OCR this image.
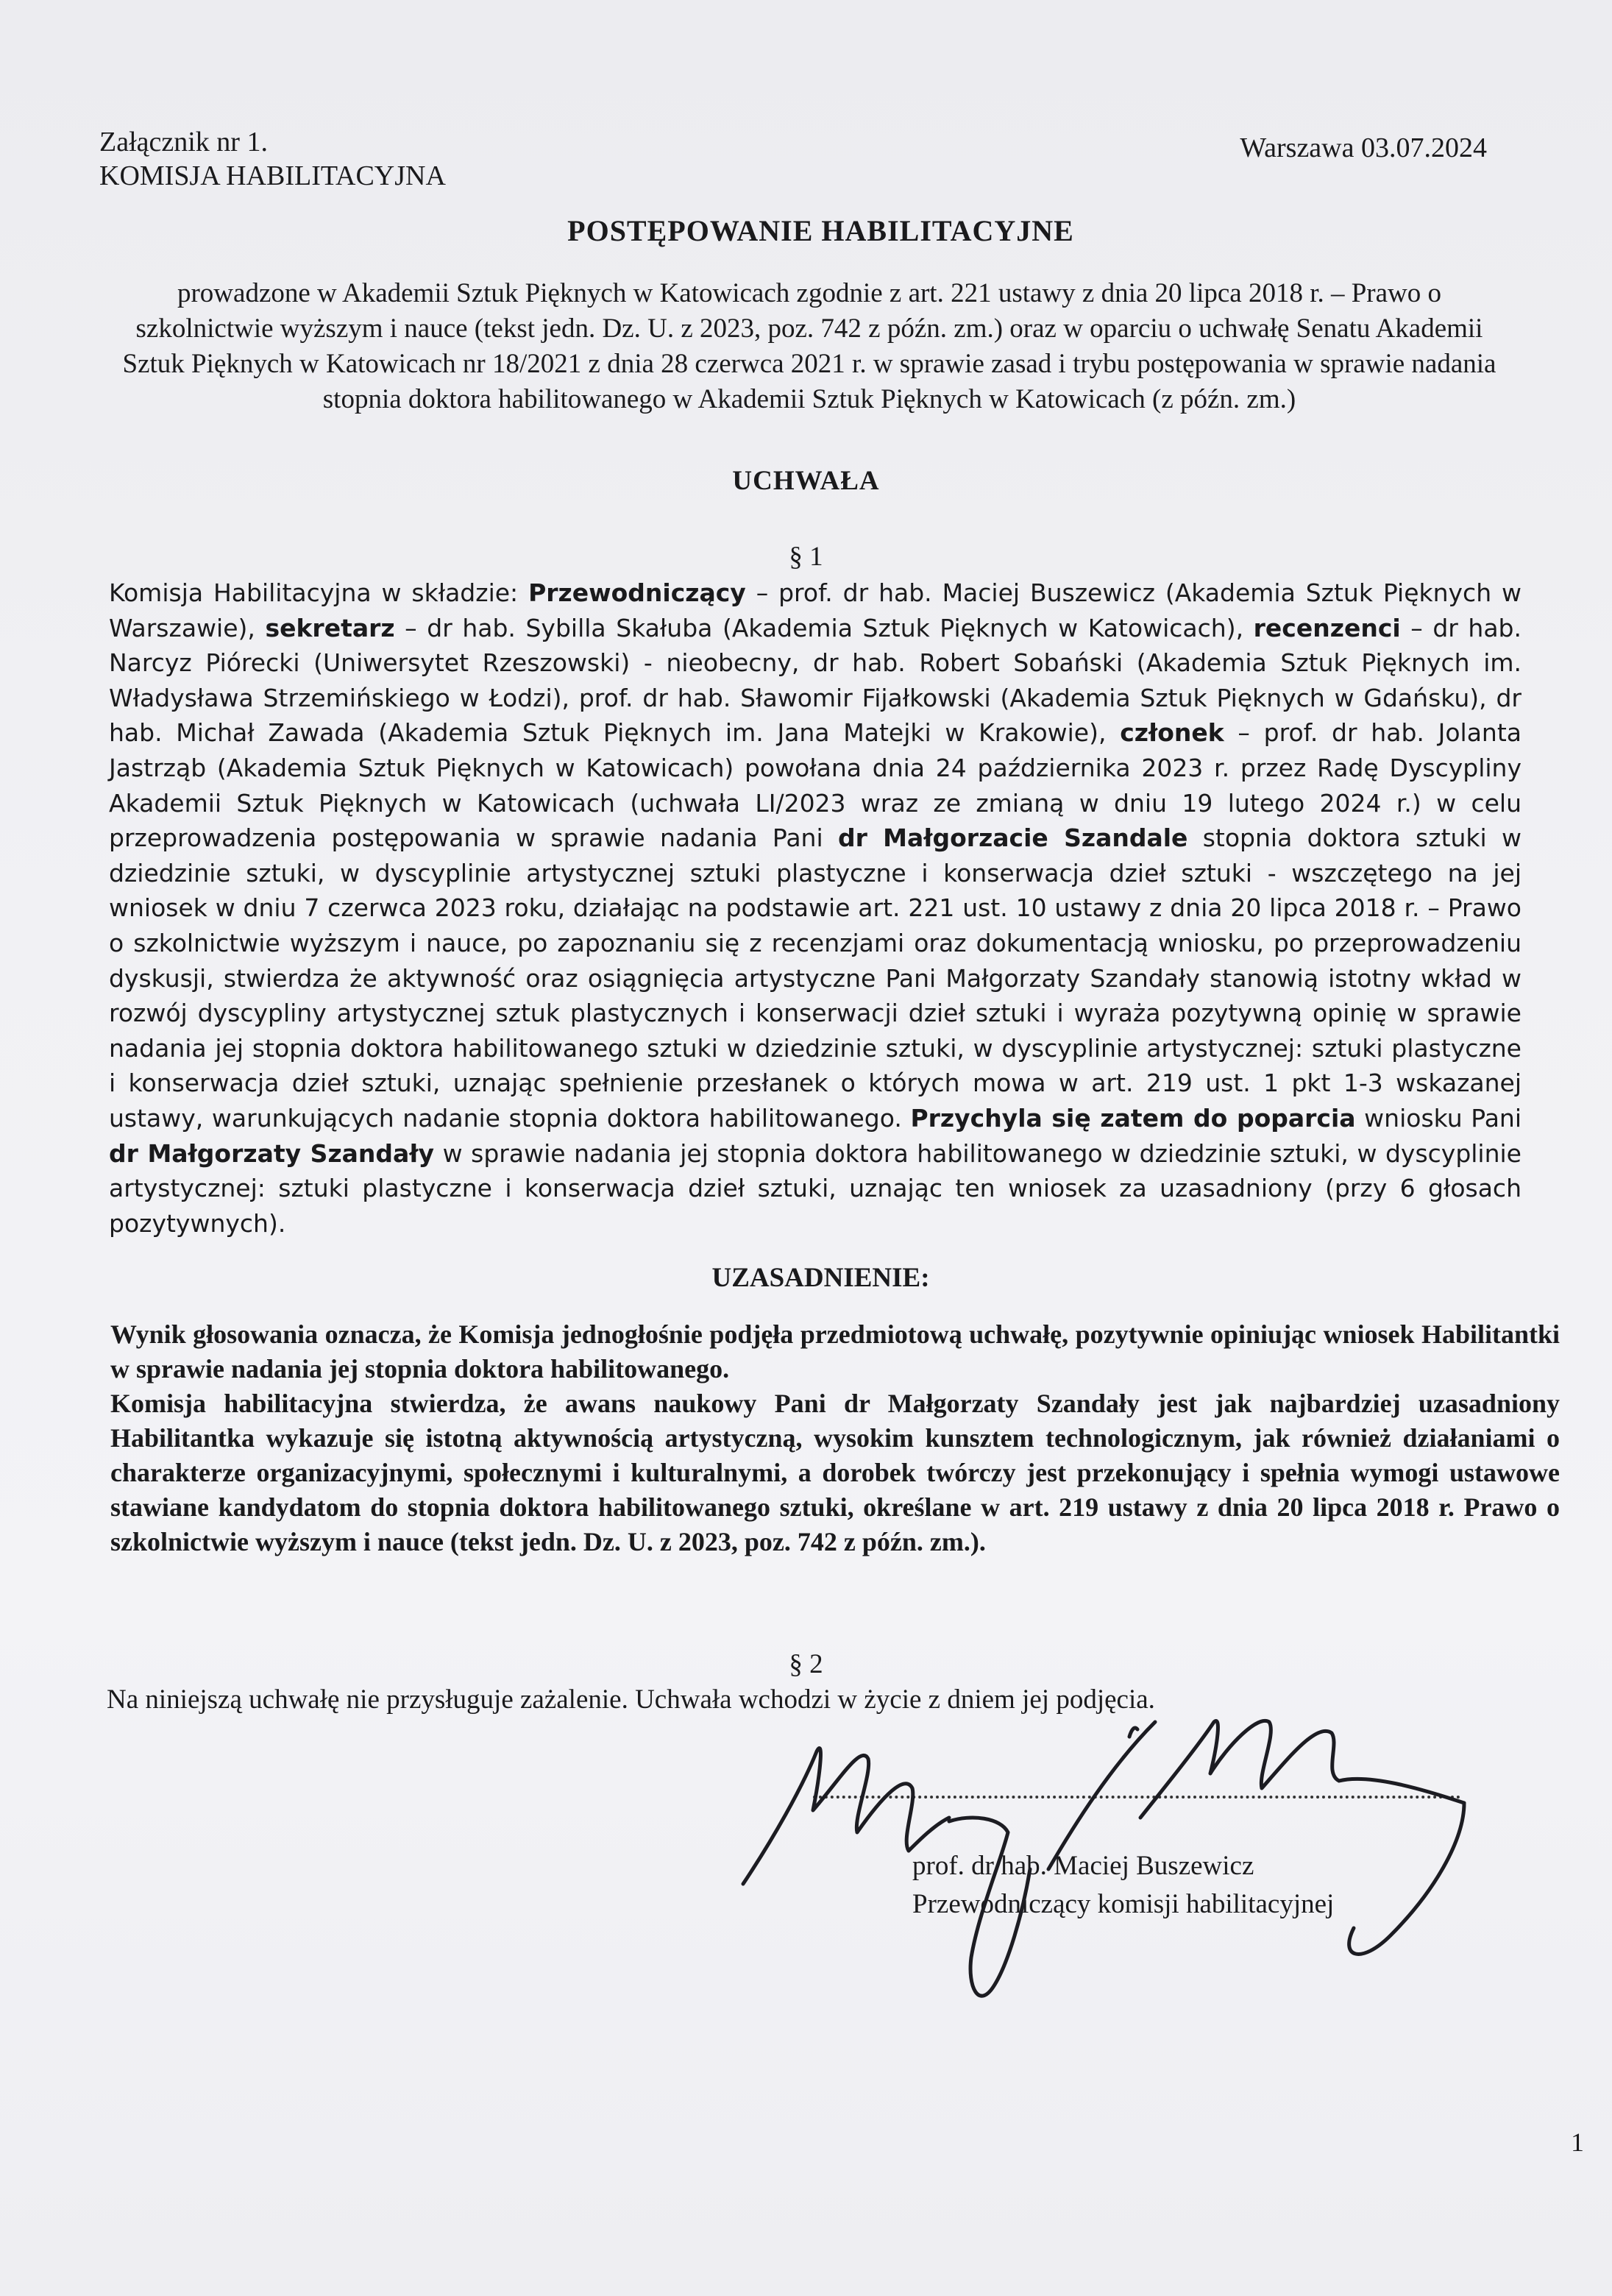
Załącznik nr 1.
KOMISJA HABILITACYJNA
Warszawa 03.07.2024
POSTĘPOWANIE HABILITACYJNE
prowadzone w Akademii Sztuk Pięknych w Katowicach zgodnie z art. 221 ustawy z dnia 20 lipca 2018 r. – Prawo o szkolnictwie wyższym i nauce (tekst jedn. Dz. U. z 2023, poz. 742 z późn. zm.) oraz w oparciu o uchwałę Senatu Akademii Sztuk Pięknych w Katowicach nr 18/2021 z dnia 28 czerwca 2021 r. w sprawie zasad i trybu postępowania w sprawie nadania stopnia doktora habilitowanego w Akademii Sztuk Pięknych w Katowicach (z późn. zm.)
UCHWAŁA
§ 1
Komisja Habilitacyjna w składzie: Przewodniczący – prof. dr hab. Maciej Buszewicz (Akademia Sztuk Pięknych w Warszawie), sekretarz – dr hab. Sybilla Skałuba (Akademia Sztuk Pięknych w Katowicach), recenzenci – dr hab. Narcyz Piórecki (Uniwersytet Rzeszowski) - nieobecny, dr hab. Robert Sobański (Akademia Sztuk Pięknych im. Władysława Strzemińskiego w Łodzi), prof. dr hab. Sławomir Fijałkowski (Akademia Sztuk Pięknych w Gdańsku), dr hab. Michał Zawada (Akademia Sztuk Pięknych im. Jana Matejki w Krakowie), członek – prof. dr hab. Jolanta Jastrząb (Akademia Sztuk Pięknych w Katowicach) powołana dnia 24 października 2023 r. przez Radę Dyscypliny Akademii Sztuk Pięknych w Katowicach (uchwała LI/2023 wraz ze zmianą w dniu 19 lutego 2024 r.) w celu przeprowadzenia postępowania w sprawie nadania Pani dr Małgorzacie Szandale stopnia doktora sztuki w dziedzinie sztuki, w dyscyplinie artystycznej sztuki plastyczne i konserwacja dzieł sztuki - wszczętego na jej wniosek w dniu 7 czerwca 2023 roku, działając na podstawie art. 221 ust. 10 ustawy z dnia 20 lipca 2018 r. – Prawo o szkolnictwie wyższym i nauce, po zapoznaniu się z recenzjami oraz dokumentacją wniosku, po przeprowadzeniu dyskusji, stwierdza że aktywność oraz osiągnięcia artystyczne Pani Małgorzaty Szandały stanowią istotny wkład w rozwój dyscypliny artystycznej sztuk plastycznych i konserwacji dzieł sztuki i wyraża pozytywną opinię w sprawie nadania jej stopnia doktora habilitowanego sztuki w dziedzinie sztuki, w dyscyplinie artystycznej: sztuki plastyczne i konserwacja dzieł sztuki, uznając spełnienie przesłanek o których mowa w art. 219 ust. 1 pkt 1-3 wskazanej ustawy, warunkujących nadanie stopnia doktora habilitowanego. Przychyla się zatem do poparcia wniosku Pani dr Małgorzaty Szandały w sprawie nadania jej stopnia doktora habilitowanego w dziedzinie sztuki, w dyscyplinie artystycznej: sztuki plastyczne i konserwacja dzieł sztuki, uznając ten wniosek za uzasadniony (przy 6 głosach pozytywnych).
UZASADNIENIE:
Wynik głosowania oznacza, że Komisja jednogłośnie podjęła przedmiotową uchwałę, pozytywnie opiniując wniosek Habilitantki w sprawie nadania jej stopnia doktora habilitowanego.
Komisja habilitacyjna stwierdza, że awans naukowy Pani dr Małgorzaty Szandały jest jak najbardziej uzasadniony Habilitantka wykazuje się istotną aktywnością artystyczną, wysokim kunsztem technologicznym, jak również działaniami o charakterze organizacyjnymi, społecznymi i kulturalnymi, a dorobek twórczy jest przekonujący i spełnia wymogi ustawowe stawiane kandydatom do stopnia doktora habilitowanego sztuki, określane w art. 219 ustawy z dnia 20 lipca 2018 r. Prawo o szkolnictwie wyższym i nauce (tekst jedn. Dz. U. z 2023, poz. 742 z późn. zm.).
§ 2
Na niniejszą uchwałę nie przysługuje zażalenie. Uchwała wchodzi w życie z dniem jej podjęcia.
prof. dr hab. Maciej Buszewicz
Przewodniczący komisji habilitacyjnej
1
